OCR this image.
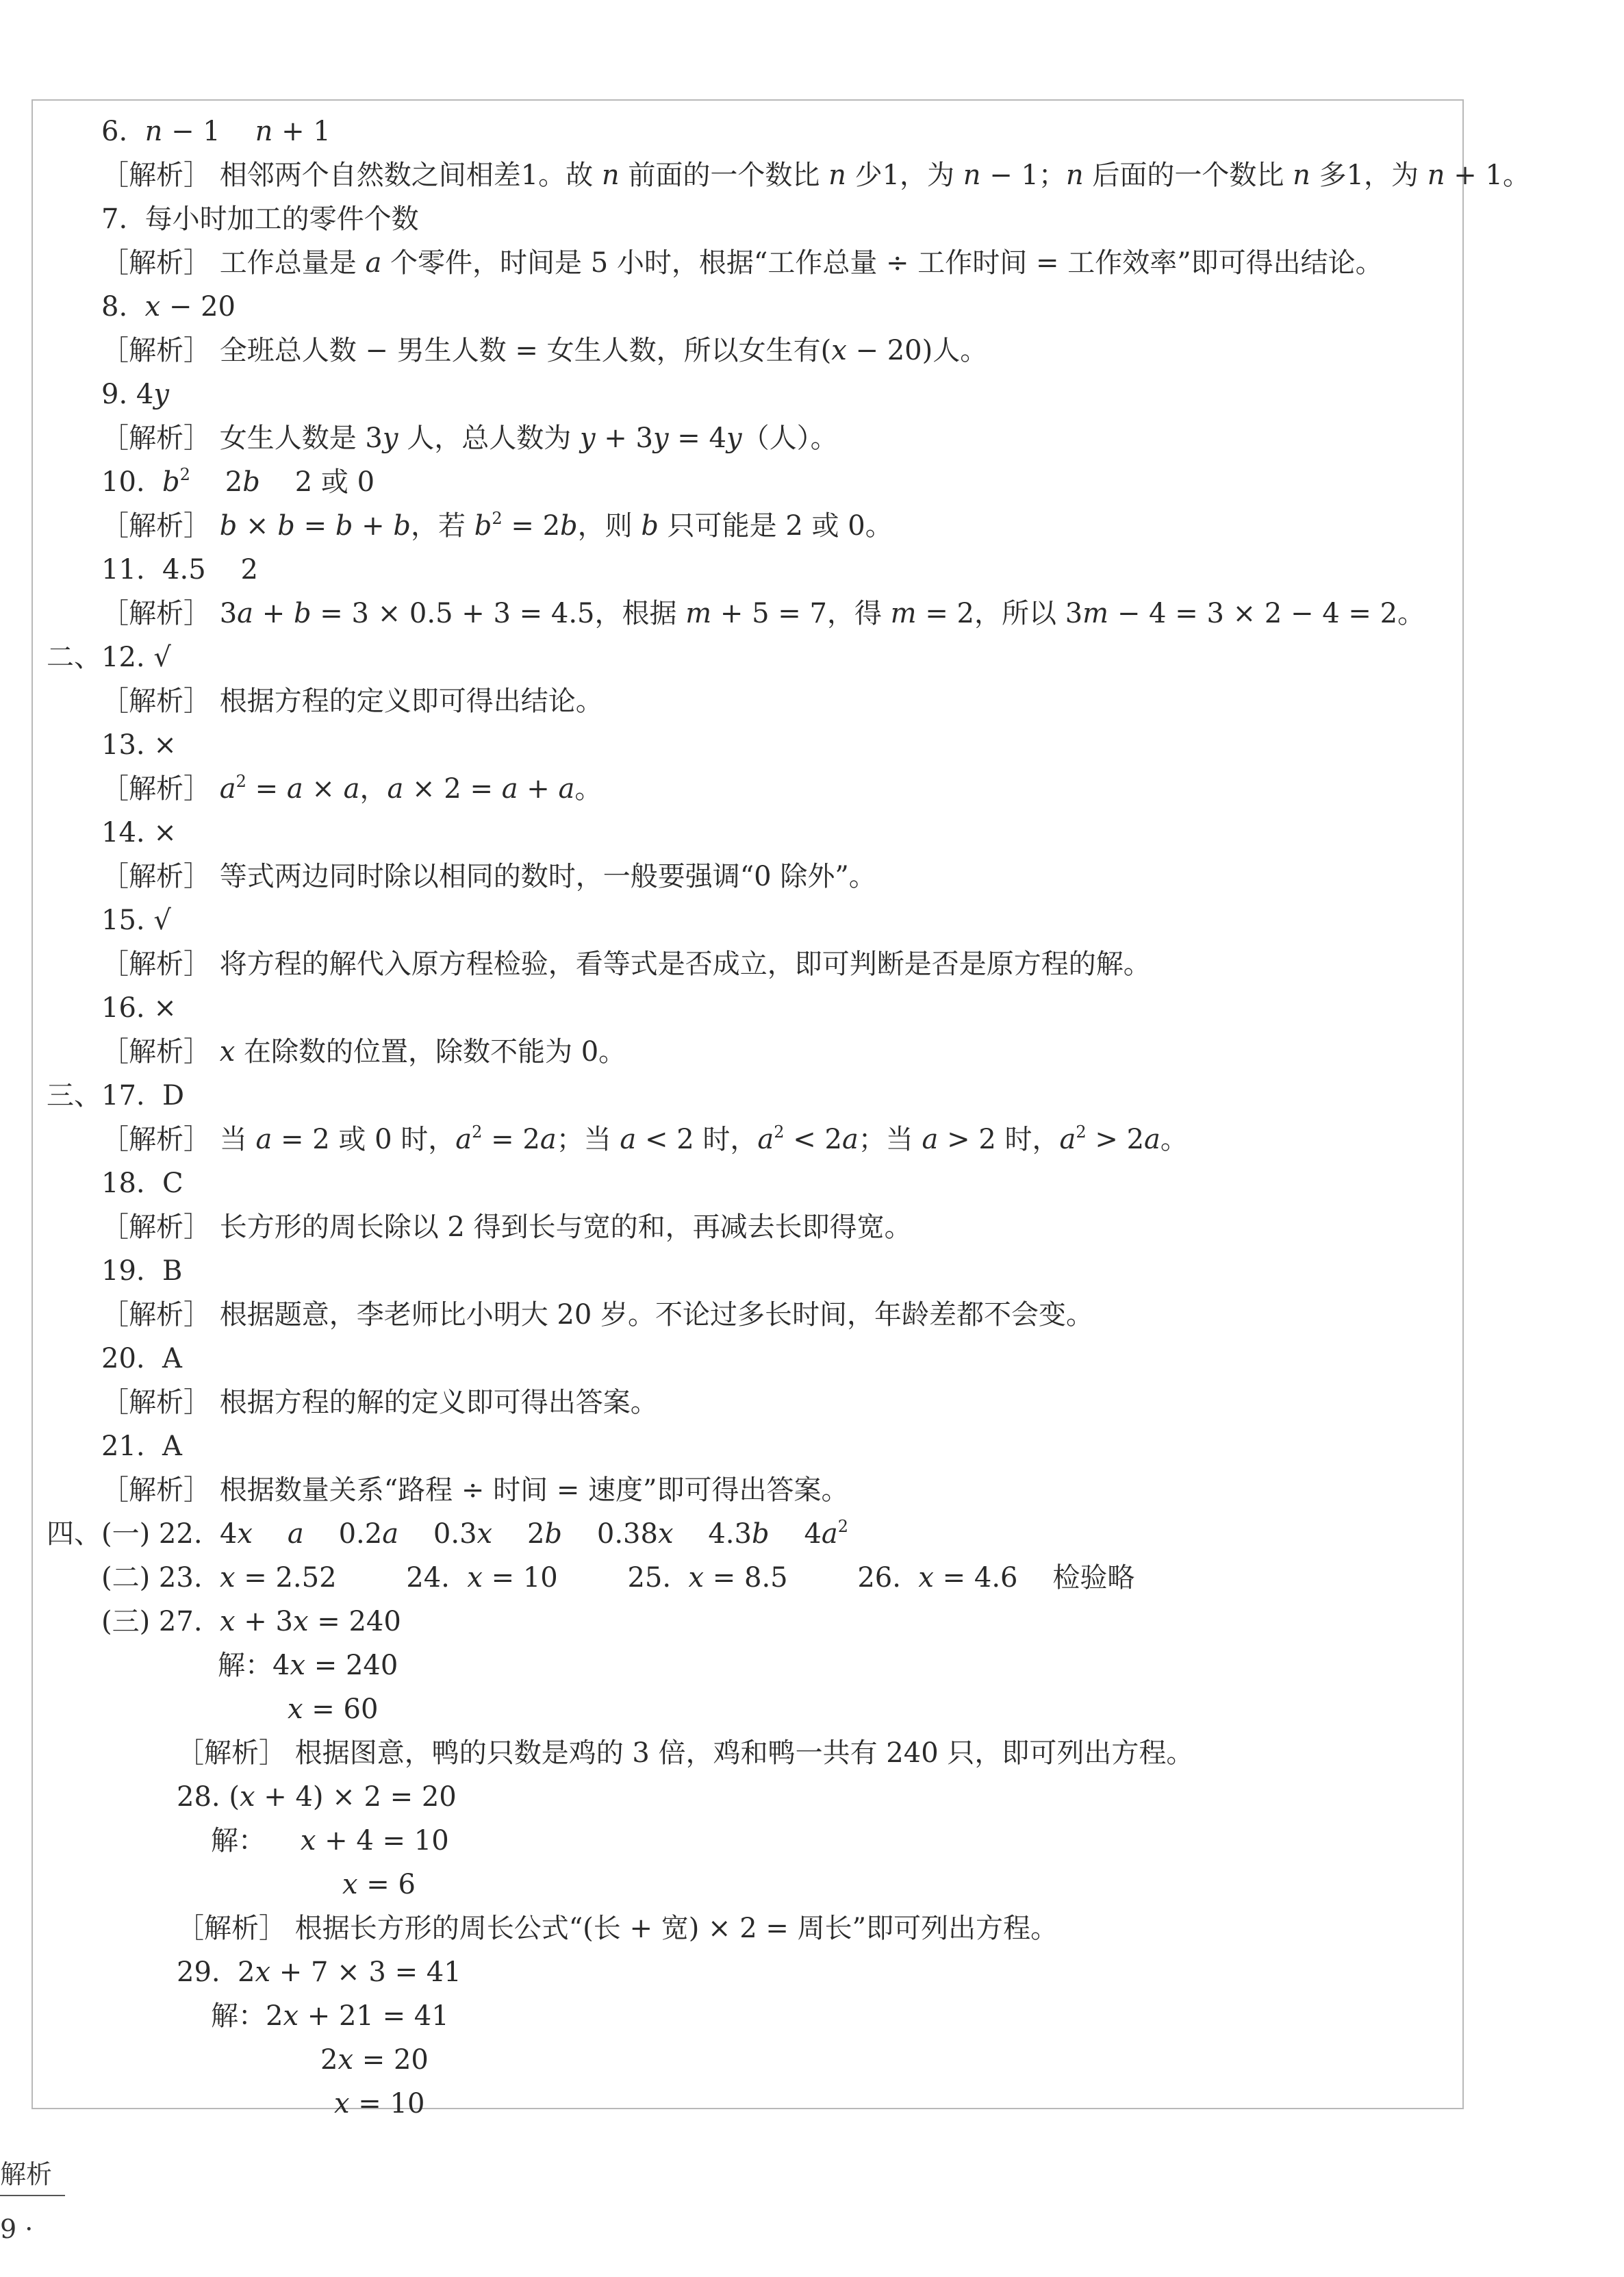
6.  n − 1    n + 1
［解析］ 相邻两个自然数之间相差1。故 n 前面的一个数比 n 少1，为 n − 1；n 后面的一个数比 n 多1，为 n + 1。
7.  每小时加工的零件个数
［解析］ 工作总量是 a 个零件，时间是 5 小时，根据“工作总量 ÷ 工作时间 = 工作效率”即可得出结论。
8.  x − 20
［解析］ 全班总人数 − 男生人数 = 女生人数，所以女生有(x − 20)人。
9. 4y
［解析］ 女生人数是 3y 人，总人数为 y + 3y = 4y（人）。
10.  $b^2$    2b    2 或 0
［解析］ b × b = b + b，若 $b^2 = 2b$，则 b 只可能是 2 或 0。
11.  4.5    2
［解析］ 3a + b = 3 × 0.5 + 3 = 4.5，根据 m + 5 = 7，得 m = 2，所以 3m − 4 = 3 × 2 − 4 = 2。
二、12. √
［解析］ 根据方程的定义即可得出结论。
13. ×
［解析］ $a^2 = a \times a$，a × 2 = a + a。
14. ×
［解析］ 等式两边同时除以相同的数时，一般要强调“0 除外”。
15. √
［解析］ 将方程的解代入原方程检验，看等式是否成立，即可判断是否是原方程的解。
16. ×
［解析］ x 在除数的位置，除数不能为 0。
三、17.  D
［解析］ 当 a = 2 或 0 时，$a^2 = 2a$；当 a < 2 时，$a^2 < 2a$；当 a > 2 时，$a^2 > 2a$。
18.  C
［解析］ 长方形的周长除以 2 得到长与宽的和，再减去长即得宽。
19.  B
［解析］ 根据题意，李老师比小明大 20 岁。不论过多长时间，年龄差都不会变。
20.  A
［解析］ 根据方程的解的定义即可得出答案。
21.  A
［解析］ 根据数量关系“路程 ÷ 时间 = 速度”即可得出答案。
四、(一) 22.  4x a    0.2a    0.3x    2b    0.38x    4.3b    $4a^2$
(二) 23.  x = 2.52        24.  x = 10        25.  x = 8.5        26.  x = 4.6    检验略
(三) 27.  x + 3x = 240
解：4x = 240
x = 60
［解析］ 根据图意，鸭的只数是鸡的 3 倍，鸡和鸭一共有 240 只，即可列出方程。
28. (x + 4) × 2 = 20
解：    x + 4 = 10
x = 6
［解析］ 根据长方形的周长公式“(长 + 宽) × 2 = 周长”即可列出方程。
29.  2x + 7 × 3 = 41
解：2x + 21 = 41
2x = 20
x = 10
解析
9 ·
